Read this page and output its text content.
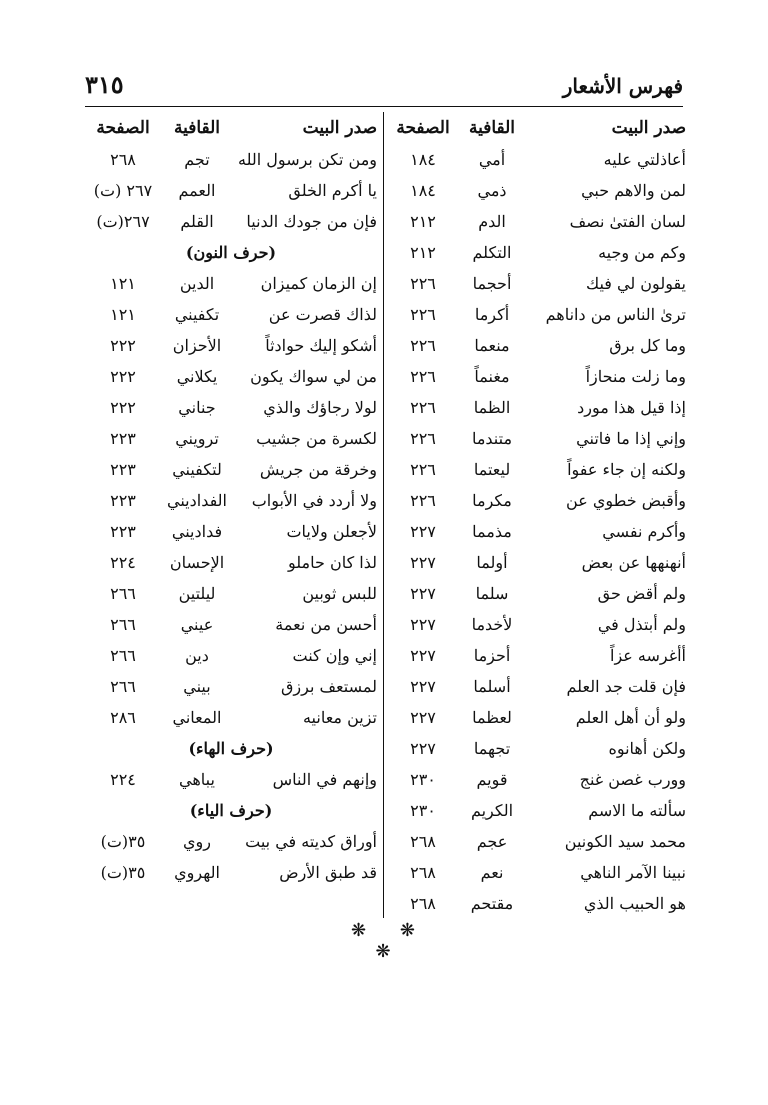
فهرس الأشعار
٣١٥
صدر البيت
القافية
الصفحة
أعاذلتي عليه
أمي
١٨٤
لمن والاهم حبي
ذمي
١٨٤
لسان الفتىٰ نصف
الدم
٢١٢
وكم من وجيه
التكلم
٢١٢
يقولون لي فيك
أحجما
٢٢٦
ترىٰ الناس من داناهم
أكرما
٢٢٦
وما كل برق
منعما
٢٢٦
وما زلت منحازاً
مغنماً
٢٢٦
إذا قيل هذا مورد
الظما
٢٢٦
وإني إذا ما فاتني
متندما
٢٢٦
ولكنه إن جاء عفواً
ليعتما
٢٢٦
وأقبض خطوي عن
مكرما
٢٢٦
وأكرم نفسي
مذمما
٢٢٧
أنهنهها عن بعض
أولما
٢٢٧
ولم أقض حق
سلما
٢٢٧
ولم أبتذل في
لأخدما
٢٢٧
أأغرسه عزاً
أحزما
٢٢٧
فإن قلت جد العلم
أسلما
٢٢٧
ولو أن أهل العلم
لعظما
٢٢٧
ولكن أهانوه
تجهما
٢٢٧
وورب غصن غنج
قويم
٢٣٠
سألته ما الاسم
الكريم
٢٣٠
محمد سيد الكونين
عجم
٢٦٨
نبينا الآمر الناهي
نعم
٢٦٨
هو الحبيب الذي
مقتحم
٢٦٨
صدر البيت
القافية
الصفحة
ومن تكن برسول الله
تجم
٢٦٨
يا أكرم الخلق
العمم
٢٦٧ (ت)
فإن من جودك الدنيا
القلم
٢٦٧(ت)
(حرف النون)
إن الزمان كميزان
الدين
١٢١
لذاك قصرت عن
تكفيني
١٢١
أشكو إليك حوادثاً
الأحزان
٢٢٢
من لي سواك يكون
يكلاني
٢٢٢
لولا رجاؤك والذي
جناني
٢٢٢
لكسرة من جشيب
ترويني
٢٢٣
وخرقة من جريش
لتكفيني
٢٢٣
ولا أردد في الأبواب
الفداديني
٢٢٣
لأجعلن ولايات
فداديني
٢٢٣
لذا كان حاملو
الإحسان
٢٢٤
للبس ثوبين
ليلتين
٢٦٦
أحسن من نعمة
عيني
٢٦٦
إني وإن كنت
دين
٢٦٦
لمستعف برزق
بيني
٢٦٦
تزين معانيه
المعاني
٢٨٦
(حرف الهاء)
وإنهم في الناس
يباهي
٢٢٤
(حرف الياء)
أوراق كديته في بيت
روي
٣٥(ت)
قد طبق الأرض
الهروي
٣٥(ت)
❋ ❋ ❋
